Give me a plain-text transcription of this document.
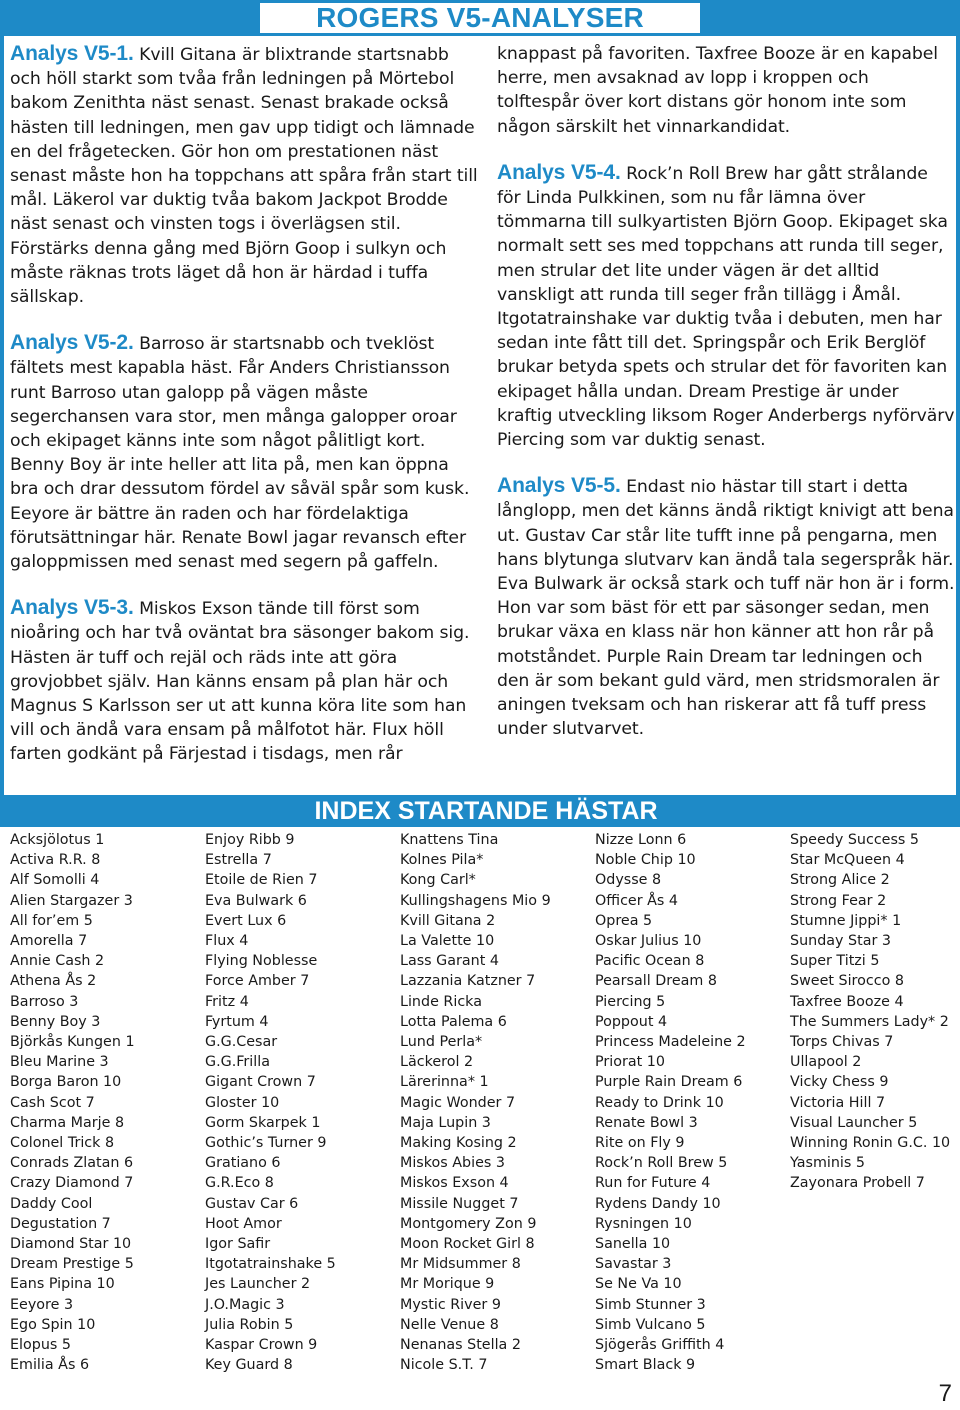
ROGERS V5-ANALYSER

Analys V5-1. Kvill Gitana är blixtrande startsnabb och höll starkt som tvåa från ledningen på Mörtebol bakom Zenithta näst senast. Senast brakade också hästen till ledningen, men gav upp tidigt och lämnade en del frågetecken. Gör hon om prestationen näst senast måste hon ha toppchans att spåra från start till mål. Läkerol var duktig tvåa bakom Jackpot Brodde näst senast och vinsten togs i överlägsen stil. Förstärks denna gång med Björn Goop i sulkyn och måste räknas trots läget då hon är härdad i tuffa sällskap.

Analys V5-2. Barroso är startsnabb och tveklöst fältets mest kapabla häst. Får Anders Christiansson runt Barroso utan galopp på vägen måste segerchansen vara stor, men många galopper oroar och ekipaget känns inte som något pålitligt kort. Benny Boy är inte heller att lita på, men kan öppna bra och drar dessutom fördel av såväl spår som kusk. Eeyore är bättre än raden och har fördelaktiga förutsättningar här. Renate Bowl jagar revansch efter galoppmissen med senast med segern på gaffeln.

Analys V5-3. Miskos Exson tände till först som nioåring och har två oväntat bra säsonger bakom sig. Hästen är tuff och rejäl och räds inte att göra grovjobbet själv. Han känns ensam på plan här och Magnus S Karlsson ser ut att kunna köra lite som han vill och ändå vara ensam på målfotot här. Flux höll farten godkänt på Färjestad i tisdags, men rår

knappast på favoriten. Taxfree Booze är en kapabel herre, men avsaknad av lopp i kroppen och tolftespår över kort distans gör honom inte som någon särskilt het vinnarkandidat.

Analys V5-4. Rock’n Roll Brew har gått strålande för Linda Pulkkinen, som nu får lämna över tömmarna till sulkyartisten Björn Goop. Ekipaget ska normalt sett ses med toppchans att runda till seger, men strular det lite under vägen är det alltid vanskligt att runda till seger från tillägg i Åmål. Itgotatrainshake var duktig tvåa i debuten, men har sedan inte fått till det. Springspår och Erik Berglöf brukar betyda spets och strular det för favoriten kan ekipaget hålla undan. Dream Prestige är under kraftig utveckling liksom Roger Anderbergs nyförvärv Piercing som var duktig senast.

Analys V5-5. Endast nio hästar till start i detta långlopp, men det känns ändå riktigt knivigt att bena ut. Gustav Car står lite tufft inne på pengarna, men hans blytunga slutvarv kan ändå tala segerspråk här. Eva Bulwark är också stark och tuff när hon är i form. Hon var som bäst för ett par säsonger sedan, men brukar växa en klass när hon känner att hon rår på motståndet. Purple Rain Dream tar ledningen och den är som bekant guld värd, men stridsmoralen är aningen tveksam och han riskerar att få tuff press under slutvarvet.

INDEX STARTANDE HÄSTAR
Acksjölotus 1
Activa R.R. 8
Alf Somolli 4
Alien Stargazer 3
All for’em 5
Amorella 7
Annie Cash 2
Athena Ås 2
Barroso 3
Benny Boy 3
Björkås Kungen 1
Bleu Marine 3
Borga Baron 10
Cash Scot 7
Charma Marje 8
Colonel Trick 8
Conrads Zlatan 6
Crazy Diamond 7
Daddy Cool
Degustation 7
Diamond Star 10
Dream Prestige 5
Eans Pipina 10
Eeyore 3
Ego Spin 10
Elopus 5
Emilia Ås 6
Enjoy Ribb 9
Estrella 7
Etoile de Rien 7
Eva Bulwark 6
Evert Lux 6
Flux 4
Flying Noblesse
Force Amber 7
Fritz 4
Fyrtum 4
G.G.Cesar
G.G.Frilla
Gigant Crown 7
Gloster 10
Gorm Skarpek 1
Gothic’s Turner 9
Gratiano 6
G.R.Eco 8
Gustav Car 6
Hoot Amor
Igor Safir
Itgotatrainshake 5
Jes Launcher 2
J.O.Magic 3
Julia Robin 5
Kaspar Crown 9
Key Guard 8
Knattens Tina
Kolnes Pila*
Kong Carl*
Kullingshagens Mio 9
Kvill Gitana 2
La Valette 10
Lass Garant 4
Lazzania Katzner 7
Linde Ricka
Lotta Palema 6
Lund Perla*
Läckerol 2
Lärerinna* 1
Magic Wonder 7
Maja Lupin 3
Making Kosing 2
Miskos Abies 3
Miskos Exson 4
Missile Nugget 7
Montgomery Zon 9
Moon Rocket Girl 8
Mr Midsummer 8
Mr Morique 9
Mystic River 9
Nelle Venue 8
Nenanas Stella 2
Nicole S.T. 7
Nizze Lonn 6
Noble Chip 10
Odysse 8
Officer Ås 4
Oprea 5
Oskar Julius 10
Pacific Ocean 8
Pearsall Dream 8
Piercing 5
Poppout 4
Princess Madeleine 2
Priorat 10
Purple Rain Dream 6
Ready to Drink 10
Renate Bowl 3
Rite on Fly 9
Rock’n Roll Brew 5
Run for Future 4
Rydens Dandy 10
Rysningen 10
Sanella 10
Savastar 3
Se Ne Va 10
Simb Stunner 3
Simb Vulcano 5
Sjögerås Griffith 4
Smart Black 9
Speedy Success 5
Star McQueen 4
Strong Alice 2
Strong Fear 2
Stumne Jippi* 1
Sunday Star 3
Super Titzi 5
Sweet Sirocco 8
Taxfree Booze 4
The Summers Lady* 2
Torps Chivas 7
Ullapool 2
Vicky Chess 9
Victoria Hill 7
Visual Launcher 5
Winning Ronin G.C. 10
Yasminis 5
Zayonara Probell 7
7
